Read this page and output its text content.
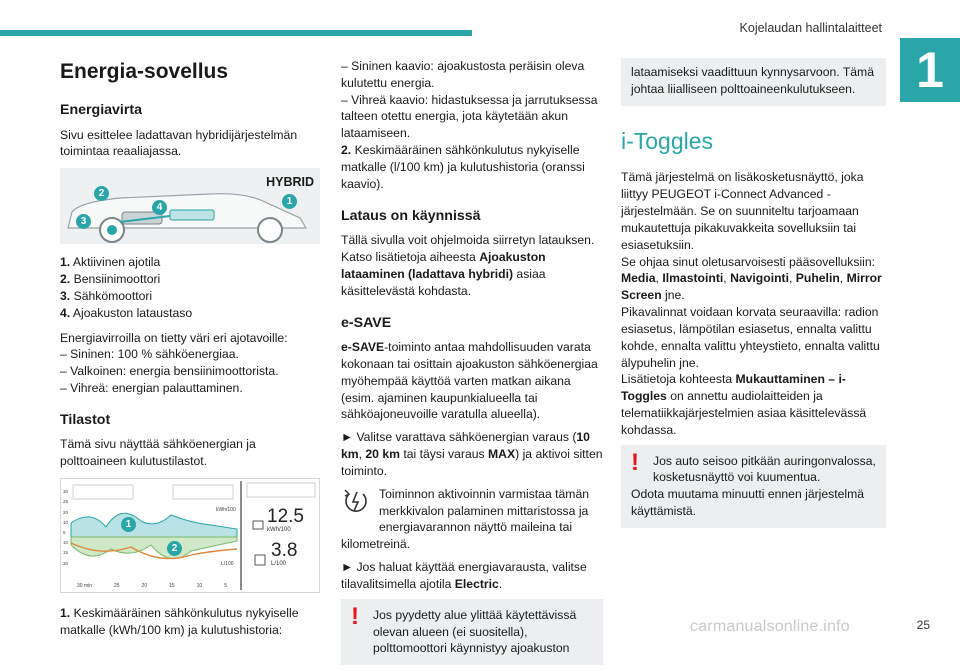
Kojelaudan hallintalaitteet
1
25
carmanualsonline.info
Energia-sovellus
Energiavirta

Sivu esittelee ladattavan hybridijärjestelmän toimintaa reaaliajassa.

HYBRID
1
2
3
4
1. Aktiivinen ajotila
2. Bensiinimoottori
3. Sähkömoottori
4. Ajoakuston lataustaso

Energiavirroilla on tietty väri eri ajotavoille:
– Sininen: 100 % sähköenergiaa.
– Valkoinen: energia bensiinimoottorista.
– Vihreä: energian palauttaminen.

Tilastot

Tämä sivu näyttää sähköenergian ja polttoaineen kulutustilastot.

30
25
20
10
5
10
15
20
30 min	25	20	15	10	5
kWh/100
L/100
12.5
kWh/100
3.8
L/100
1
2

1. Keskimääräinen sähkönkulutus nykyiselle matkalle (kWh/100 km) ja kulutushistoria:

– Sininen kaavio: ajoakustosta peräisin oleva kulutettu energia.
– Vihreä kaavio: hidastuksessa ja jarrutuksessa talteen otettu energia, jota käytetään akun lataamiseen.
2. Keskimääräinen sähkönkulutus nykyiselle matkalle (l/100 km) ja kulutushistoria (oranssi kaavio).

Lataus on käynnissä

Tällä sivulla voit ohjelmoida siirretyn latauksen.
Katso lisätietoja aiheesta Ajoakuston lataaminen (ladattava hybridi) asiaa käsittelevästä kohdasta.

e-SAVE

e-SAVE-toiminto antaa mahdollisuuden varata kokonaan tai osittain ajoakuston sähköenergiaa myöhempää käyttöä varten matkan aikana (esim. ajaminen kaupunkialueella tai sähköajoneuvoille varatulla alueella).

► Valitse varattava sähköenergian varaus (10 km, 20 km tai täysi varaus MAX) ja aktivoi sitten toiminto.

Toiminnon aktivoinnin varmistaa tämän merkkivalon palaminen mittaristossa ja energiavarannon näyttö maileina tai kilometreinä.

► Jos haluat käyttää energiavarausta, valitse tilavalitsimella ajotila Electric.

!	Jos pyydetty alue ylittää käytettävissä olevan alueen (ei suositella), polttomoottori käynnistyy ajoakuston
lataamiseksi vaadittuun kynnysarvoon. Tämä johtaa liialliseen polttoaineenkulutukseen.
i-Toggles

Tämä järjestelmä on lisäkosketusnäyttö, joka liittyy PEUGEOT i-Connect Advanced -järjestelmään. Se on suunniteltu tarjoamaan mukautettuja pikakuvakkeita sovelluksiin tai esiasetuksiin.
Se ohjaa sinut oletusarvoisesti pääsovelluksiin: Media, Ilmastointi, Navigointi, Puhelin, Mirror Screen jne.
Pikavalinnat voidaan korvata seuraavilla: radion esiasetus, lämpötilan esiasetus, ennalta valittu kohde, ennalta valittu yhteystieto, ennalta valittu älypuhelin jne.
Lisätietoja kohteesta Mukauttaminen – i-Toggles on annettu audiolaitteiden ja telematiikkajärjestelmien asiaa käsittelevässä kohdassa.

!	Jos auto seisoo pitkään auringonvalossa, kosketusnäyttö voi kuumentua.
Odota muutama minuutti ennen järjestelmä käyttämistä.
